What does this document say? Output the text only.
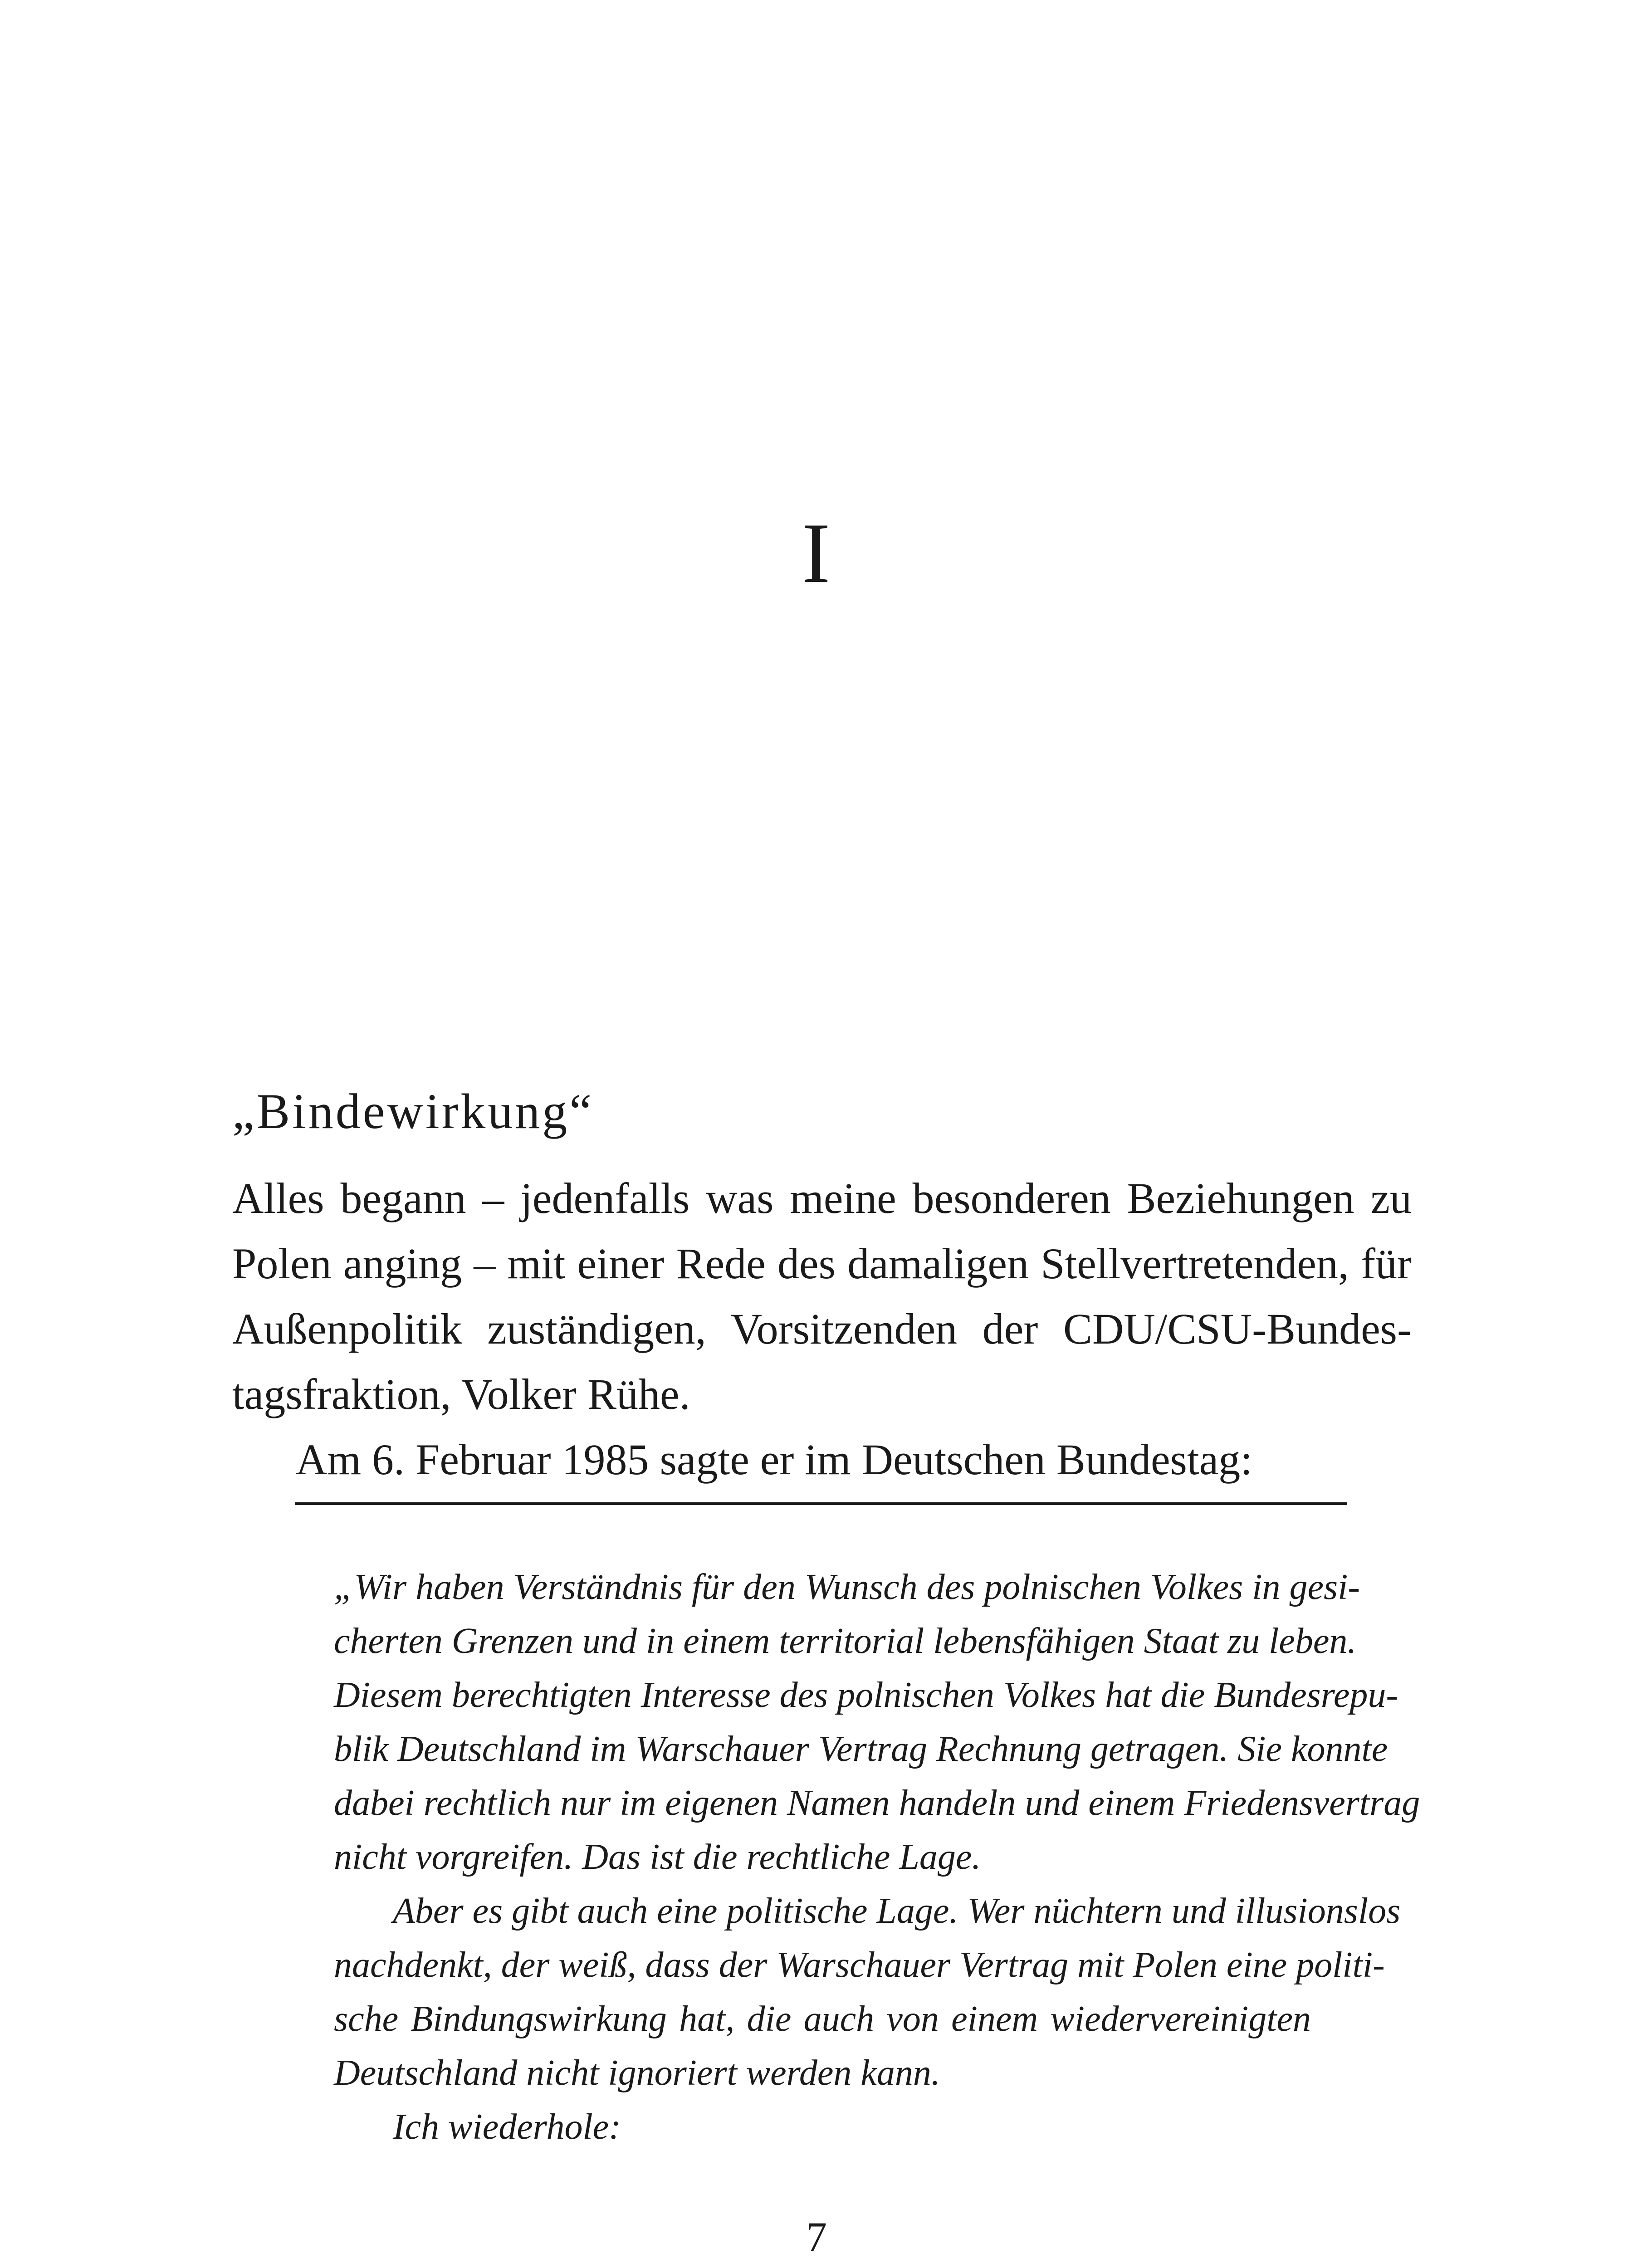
I
„Bindewirkung“
Alles begann – jedenfalls was meine besonderen Beziehungen zu
Polen anging – mit einer Rede des damaligen Stellvertretenden, für
Außenpolitik zuständigen, Vorsitzenden der CDU/CSU-Bundes-
tagsfraktion, Volker Rühe.
Am 6. Februar 1985 sagte er im Deutschen Bundestag:
„Wir haben Verständnis für den Wunsch des polnischen Volkes in gesi-
cherten Grenzen und in einem territorial lebensfähigen Staat zu leben.
Diesem berechtigten Interesse des polnischen Volkes hat die Bundesrepu-
blik Deutschland im Warschauer Vertrag Rechnung getragen. Sie konnte
dabei rechtlich nur im eigenen Namen handeln und einem Friedensvertrag
nicht vorgreifen. Das ist die rechtliche Lage.
Aber es gibt auch eine politische Lage. Wer nüchtern und illusionslos
nachdenkt, der weiß, dass der Warschauer Vertrag mit Polen eine politi-
sche Bindungswirkung hat, die auch von einem wiedervereinigten
Deutschland nicht ignoriert werden kann.
Ich wiederhole:
7
